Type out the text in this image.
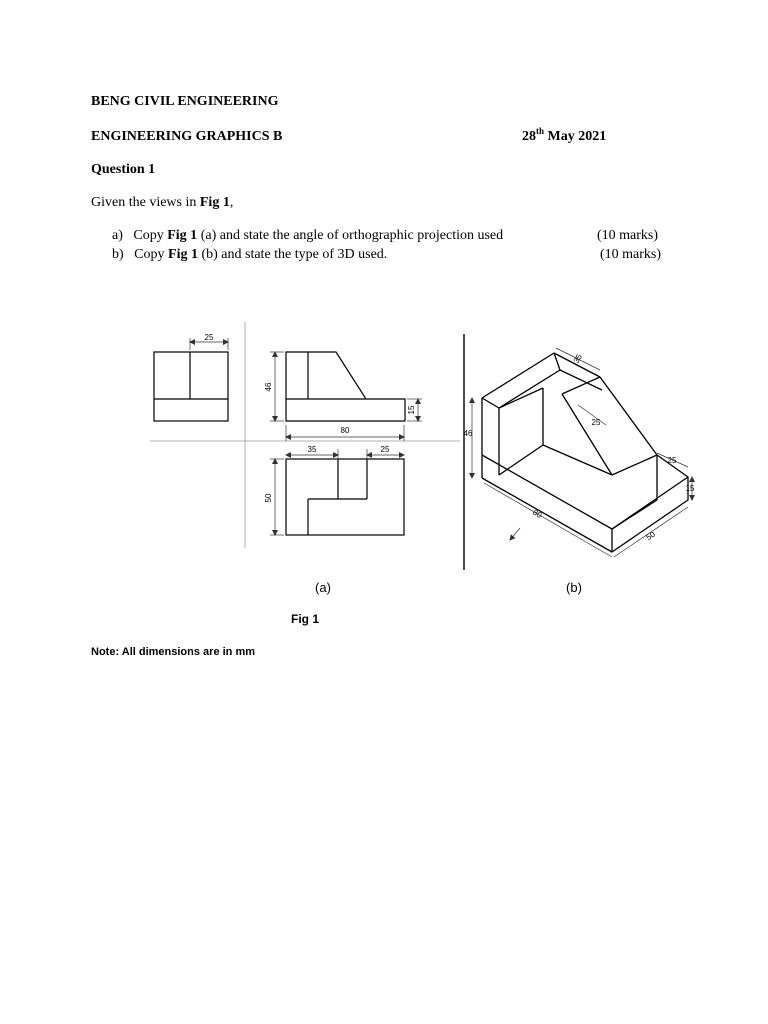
BENG CIVIL ENGINEERING
ENGINEERING GRAPHICS B	28th May 2021
Question 1
Given the views in Fig 1,
a) Copy Fig 1 (a) and state the angle of orthographic projection used	(10 marks)
b) Copy Fig 1 (b) and state the type of 3D used.	(10 marks)
25
46
15
80
35	25
50
46
35
25
25
15
80
50
(a)	(b)
Fig 1
Note: All dimensions are in mm
